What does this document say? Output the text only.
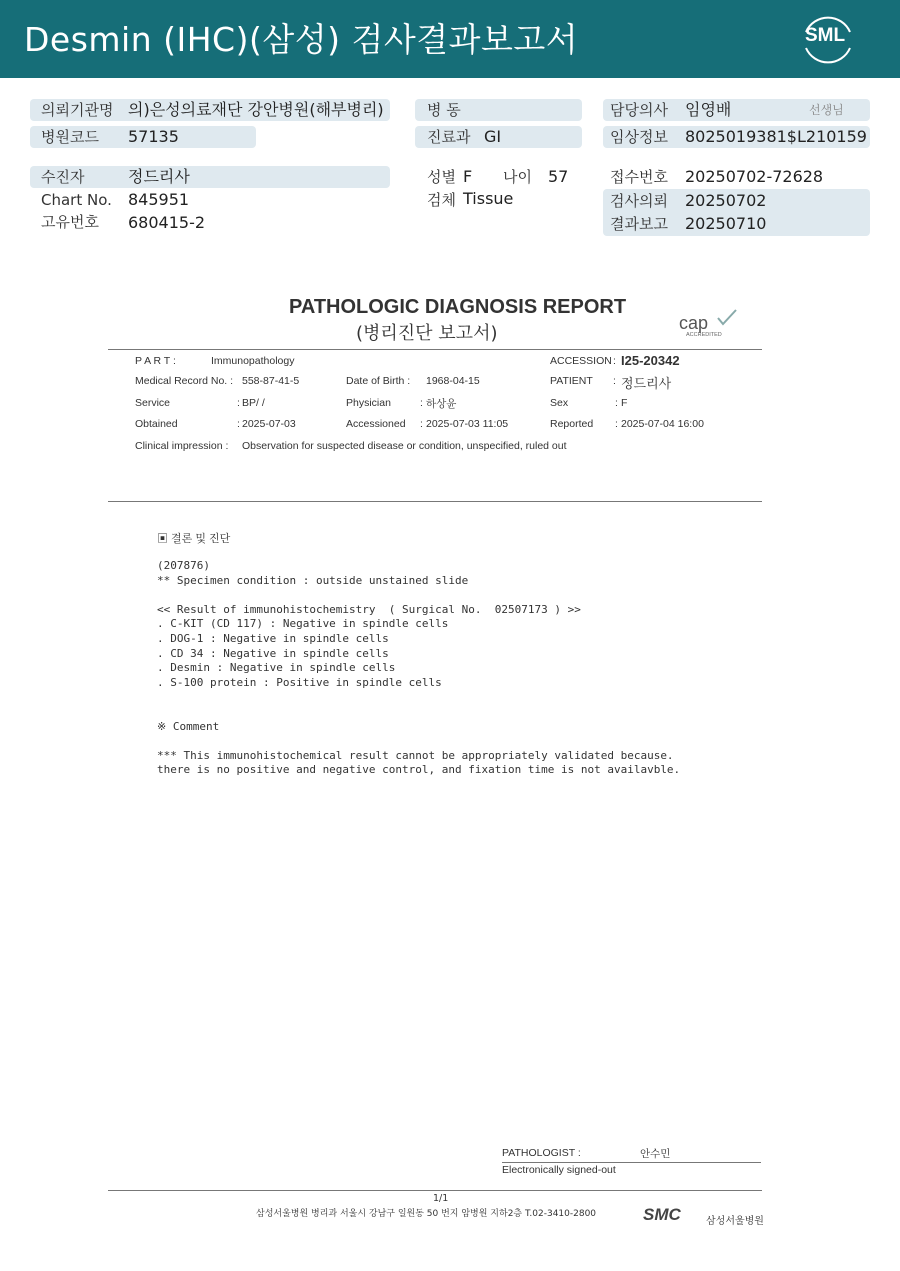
Desmin (IHC)(삼성) 검사결과보고서	SML
의뢰기관명 의)은성의료재단 강안병원(해부병리)
병원코드 57135
병 동
진료과 GI
담당의사 임영배	선생님
임상정보 8025019381$L210159
수진자	정드리사
Chart No. 845951
고유번호 680415-2
성별 F 나이 57
검체 Tissue
접수번호 20250702-72628
검사의뢰 20250702
결과보고 20250710
PATHOLOGIC DIAGNOSIS REPORT
(병리진단 보고서)	cap
ACCREDITED
P A R T :	Immunopathology	ACCESSION : I25-20342
Medical Record No. : 558-87-41-5	Date of Birth : 1968-04-15	PATIENT : 정드리사
Service	: BP/ /	Physician	: 하상윤	Sex	: F
Obtained	: 2025-07-03	Accessioned : 2025-07-03 11:05	Reported : 2025-07-04 16:00
Clinical impression : Observation for suspected disease or condition, unspecified, ruled out
▣ 결론 및 진단
(207876)
** Specimen condition : outside unstained slide
<< Result of immunohistochemistry  ( Surgical No.  02507173 ) >>
. C-KIT (CD 117) : Negative in spindle cells
. DOG-1 : Negative in spindle cells
. CD 34 : Negative in spindle cells
. Desmin : Negative in spindle cells
. S-100 protein : Positive in spindle cells
※ Comment
*** This immunohistochemical result cannot be appropriately validated because.
there is no positive and negative control, and fixation time is not availavble.
PATHOLOGIST :	안수민
Electronically signed-out
1/1
삼성서울병원 병리과 서울시 강남구 일원동 50 번지 암병원 지하2층 T.02-3410-2800	SMC	삼성서울병원
